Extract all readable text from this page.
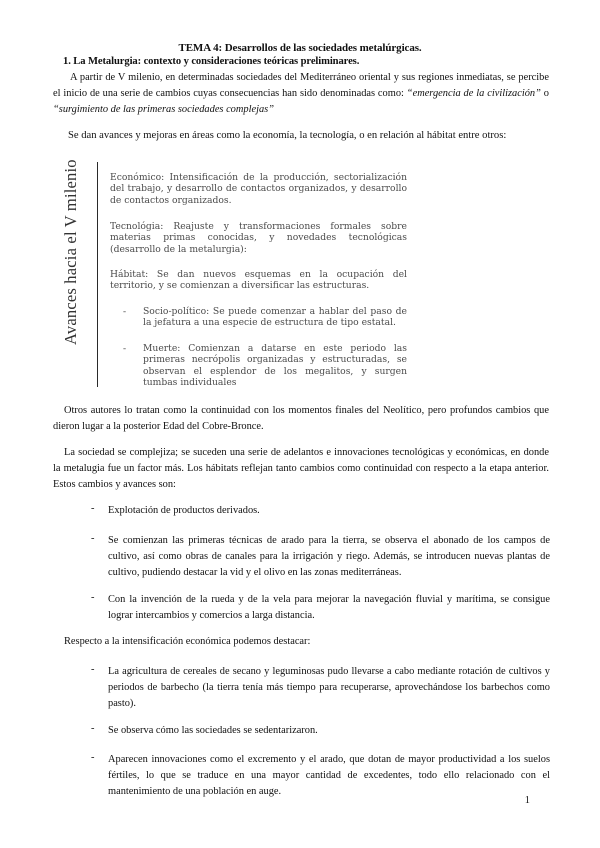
TEMA 4: Desarrollos de las sociedades metalúrgicas.
1. La Metalurgia: contexto y consideraciones teóricas preliminares.
A partir de V milenio, en determinadas sociedades del Mediterráneo oriental y sus regiones inmediatas, se percibe el inicio de una serie de cambios cuyas consecuencias han sido denominadas como: “emergencia de la civilización” o “surgimiento de las primeras sociedades complejas”
Se dan avances y mejoras en áreas como la economía, la tecnología, o en relación al hábitat entre otros:
Avances hacia el V milenio	Económico: Intensificación de la producción, sectorialización del trabajo, y desarrollo de contactos organizados, y desarrollo de contactos organizados.
Tecnológia: Reajuste y transformaciones formales sobre materias primas conocidas, y novedades tecnológicas (desarrollo de la metalurgia):
Hábitat: Se dan nuevos esquemas en la ocupación del territorio, y se comienzan a diversificar las estructuras.
- Socio-político: Se puede comenzar a hablar del paso de la jefatura a una especie de estructura de tipo estatal.
- Muerte: Comienzan a datarse en este periodo las primeras necrópolis organizadas y estructuradas, se observan el esplendor de los megalitos, y surgen tumbas individuales
Otros autores lo tratan como la continuidad con los momentos finales del Neolítico, pero profundos cambios que dieron lugar a la posterior Edad del Cobre-Bronce.
La sociedad se complejiza; se suceden una serie de adelantos e innovaciones tecnológicas y económicas, en donde la metalugia fue un factor más. Los hábitats reflejan tanto cambios como continuidad con respecto a la etapa anterior. Estos cambios y avances son:
- Explotación de productos derivados.
- Se comienzan las primeras técnicas de arado para la tierra, se observa el abonado de los campos de cultivo, así como obras de canales para la irrigación y riego. Además, se introducen nuevas plantas de cultivo, pudiendo destacar la vid y el olivo en las zonas mediterráneas.
- Con la invención de la rueda y de la vela para mejorar la navegación fluvial y marítima, se consigue lograr intercambios y comercios a larga distancia.
Respecto a la intensificación económica podemos destacar:
- La agricultura de cereales de secano y leguminosas pudo llevarse a cabo mediante rotación de cultivos y periodos de barbecho (la tierra tenía más tiempo para recuperarse, aprovechándose los barbechos como pasto).
- Se observa cómo las sociedades se sedentarizaron.
- Aparecen innovaciones como el excremento y el arado, que dotan de mayor productividad a los suelos fértiles, lo que se traduce en una mayor cantidad de excedentes, todo ello relacionado con el mantenimiento de una población en auge.
1
